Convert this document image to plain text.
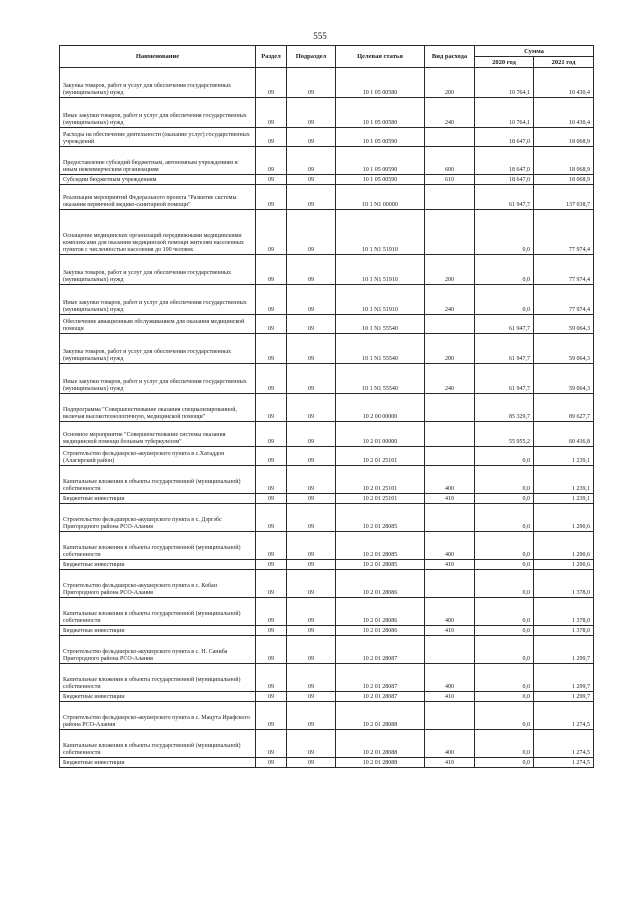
555
Наименование	Раздел	Подраздел	Целевая статья	Вид расхода	Сумма	
					2020 год	2021 год
Закупка товаров, работ и услуг для обеспечения государственных (муниципальных) нужд	09	09	10 1 05 00580	200	10 764,1	10 430,4
Иные закупки товаров, работ и услуг для обеспечения государственных (муниципальных) нужд	09	09	10 1 05 00580	240	10 764,1	10 430,4
Расходы на обеспечение деятельности (оказание услуг) государственных учреждений	09	09	10 1 05 00590		18 647,0	18 068,9
Предоставление субсидий бюджетным, автономным учреждениям и иным некоммерческим организациям	09	09	10 1 05 00590	600	18 647,0	18 068,9
Субсидии бюджетным учреждениям	09	09	10 1 05 00590	610	18 647,0	18 068,9
Реализация мероприятий Федерального проекта "Развитие системы оказания первичной медико-санитарной помощи"	09	09	10 1 N1 00000		61 947,7	137 038,7
Оснащение медицинских организаций передвижными медицинскими комплексами для оказания медицинской помощи жителям населенных пунктов с численностью населения до 100 человек	09	09	10 1 N1 51910		0,0	77 974,4
Закупка товаров, работ и услуг для обеспечения государственных (муниципальных) нужд	09	09	10 1 N1 51910	200	0,0	77 974,4
Иные закупки товаров, работ и услуг для обеспечения государственных (муниципальных) нужд	09	09	10 1 N1 51910	240	0,0	77 974,4
Обеспечение авиационным обслуживанием для оказания медицинской помощи	09	09	10 1 N1 55540		61 947,7	59 064,3
Закупка товаров, работ и услуг для обеспечения государственных (муниципальных) нужд	09	09	10 1 N1 55540	200	61 947,7	59 064,3
Иные закупки товаров, работ и услуг для обеспечения государственных (муниципальных) нужд	09	09	10 1 N1 55540	240	61 947,7	59 064,3
Подпрограмма "Совершенствование оказания специализированной, включая высокотехнологичную, медицинской помощи"	09	09	10 2 00 00000		85 329,7	89 627,7
Основное мероприятие "Совершенствование системы оказания медицинской помощи больным туберкулезом"	09	09	10 2 01 00000		55 955,2	60 436,8
Строительство фельдшерско-акушерского пункта в с.Хатаддон (Алагирский район)	09	09	10 2 01 25101		0,0	1 239,1
Капитальные вложения в объекты государственной (муниципальной) собственности	09	09	10 2 01 25101	400	0,0	1 239,1
Бюджетные инвестиции	09	09	10 2 01 25101	410	0,0	1 239,1
Строительство фельдшерско-акушерского пункта в с. Дзргэбс Пригородного района РСО-Алания	09	09	10 2 01 28085		0,0	1 290,6
Капитальные вложения в объекты государственной (муниципальной) собственности	09	09	10 2 01 28085	400	0,0	1 290,6
Бюджетные инвестиции	09	09	10 2 01 28085	410	0,0	1 290,6
Строительство фельдшерско-акушерского пункта в с. Кобан Пригородного района РСО-Алания	09	09	10 2 01 28086		0,0	1 378,0
Капитальные вложения в объекты государственной (муниципальной) собственности	09	09	10 2 01 28086	400	0,0	1 378,0
Бюджетные инвестиции	09	09	10 2 01 28086	410	0,0	1 378,0
Строительство фельдшерско-акушерского пункта в с. Н. Саниба Пригородного района РСО-Алания	09	09	10 2 01 28087		0,0	1 299,7
Капитальные вложения в объекты государственной (муниципальной) собственности	09	09	10 2 01 28087	400	0,0	1 299,7
Бюджетные инвестиции	09	09	10 2 01 28087	410	0,0	1 299,7
Строительство фельдшерско-акушерского пункта в с. Мацута Ирафского района РСО-Алания	09	09	10 2 01 28088		0,0	1 274,5
Капитальные вложения в объекты государственной (муниципальной) собственности	09	09	10 2 01 28088	400	0,0	1 274,5
Бюджетные инвестиции	09	09	10 2 01 28088	410	0,0	1 274,5
